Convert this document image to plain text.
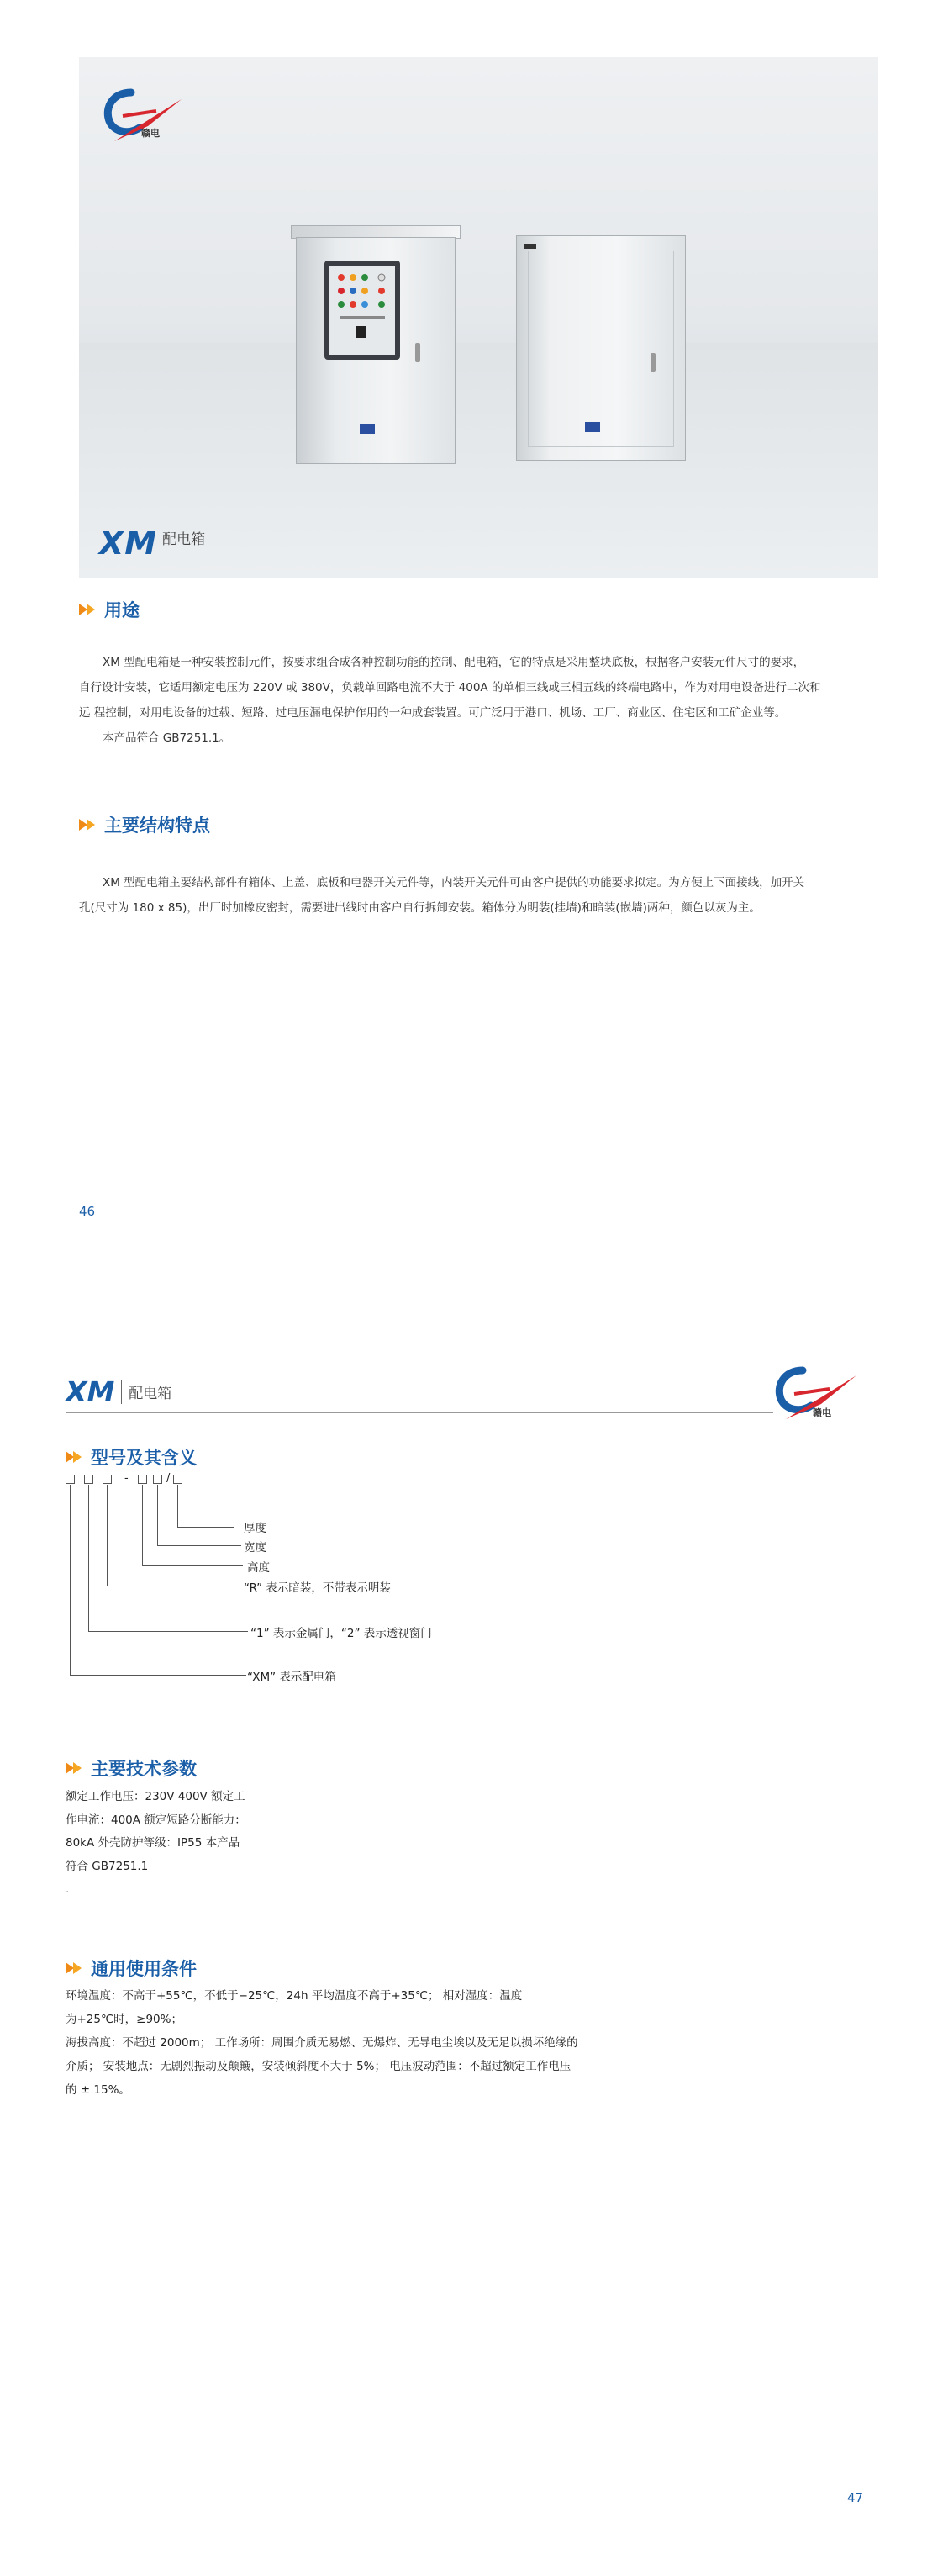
赣电
XM 配电箱
用途
XM 型配电箱是一种安装控制元件，按要求组合成各种控制功能的控制、配电箱，它的特点是采用整块底板，根据客户安装元件尺寸的要求，
自行设计安装，它适用额定电压为 220V 或 380V，负载单回路电流不大于 400A 的单相三线或三相五线的终端电路中，作为对用电设备进行二次和
远 程控制，对用电设备的过载、短路、过电压漏电保护作用的一种成套装置。可广泛用于港口、机场、工厂、商业区、住宅区和工矿企业等。
本产品符合 GB7251.1。
主要结构特点
XM 型配电箱主要结构部件有箱体、上盖、底板和电器开关元件等，内装开关元件可由客户提供的功能要求拟定。为方便上下面接线，加开关
孔(尺寸为 180 x 85)，出厂时加橡皮密封，需要进出线时由客户自行拆卸安装。箱体分为明装(挂墙)和暗装(嵌墙)两种，颜色以灰为主。
46
XM 配电箱
赣电
型号及其含义
-	/
厚度
宽度
高度
“R” 表示暗装，不带表示明装
“1” 表示金属门，“2” 表示透视窗门
“XM” 表示配电箱
主要技术参数
额定工作电压：230V 400V 额定工
作电流：400A 额定短路分断能力：
80kA 外壳防护等级：IP55 本产品
符合 GB7251.1
.
通用使用条件
环境温度：不高于+55℃，不低于−25℃，24h 平均温度不高于+35℃； 相对湿度：温度
为+25℃时，≥90%；
海拔高度：不超过 2000m； 工作场所：周围介质无易燃、无爆炸、无导电尘埃以及无足以损坏绝缘的
介质； 安装地点：无剧烈振动及颠簸，安装倾斜度不大于 5%； 电压波动范围：不超过额定工作电压
的 ± 15%。
47
